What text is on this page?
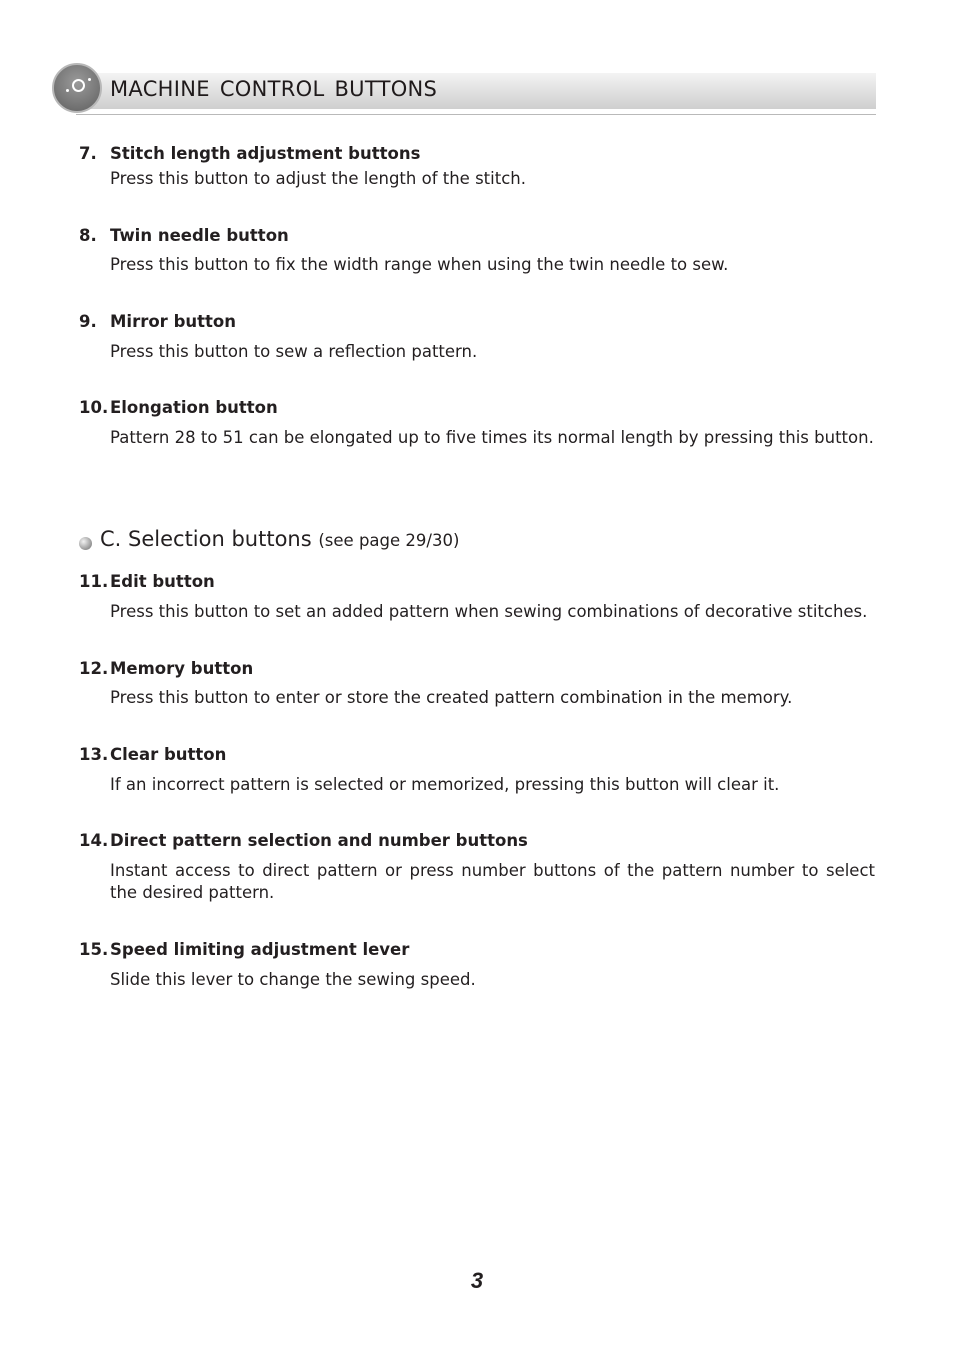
MACHINE CONTROL BUTTONS
7. Stitch length adjustment buttons
Press this button to adjust the length of the stitch.
8. Twin needle button
Press this button to fix the width range when using the twin needle to sew.
9. Mirror button
Press this button to sew a reflection pattern.
10. Elongation button
Pattern 28 to 51 can be elongated up to five times its normal length by pressing this button.
C. Selection buttons (see page 29/30)
11. Edit button
Press this button to set an added pattern when sewing combinations of decorative stitches.
12. Memory button
Press this button to enter or store the created pattern combination in the memory.
13. Clear button
If an incorrect pattern is selected or memorized, pressing this button will clear it.
14. Direct pattern selection and number buttons
Instant access to direct pattern or press number buttons of the pattern number to select the desired pattern.
15. Speed limiting adjustment lever
Slide this lever to change the sewing speed.
3
